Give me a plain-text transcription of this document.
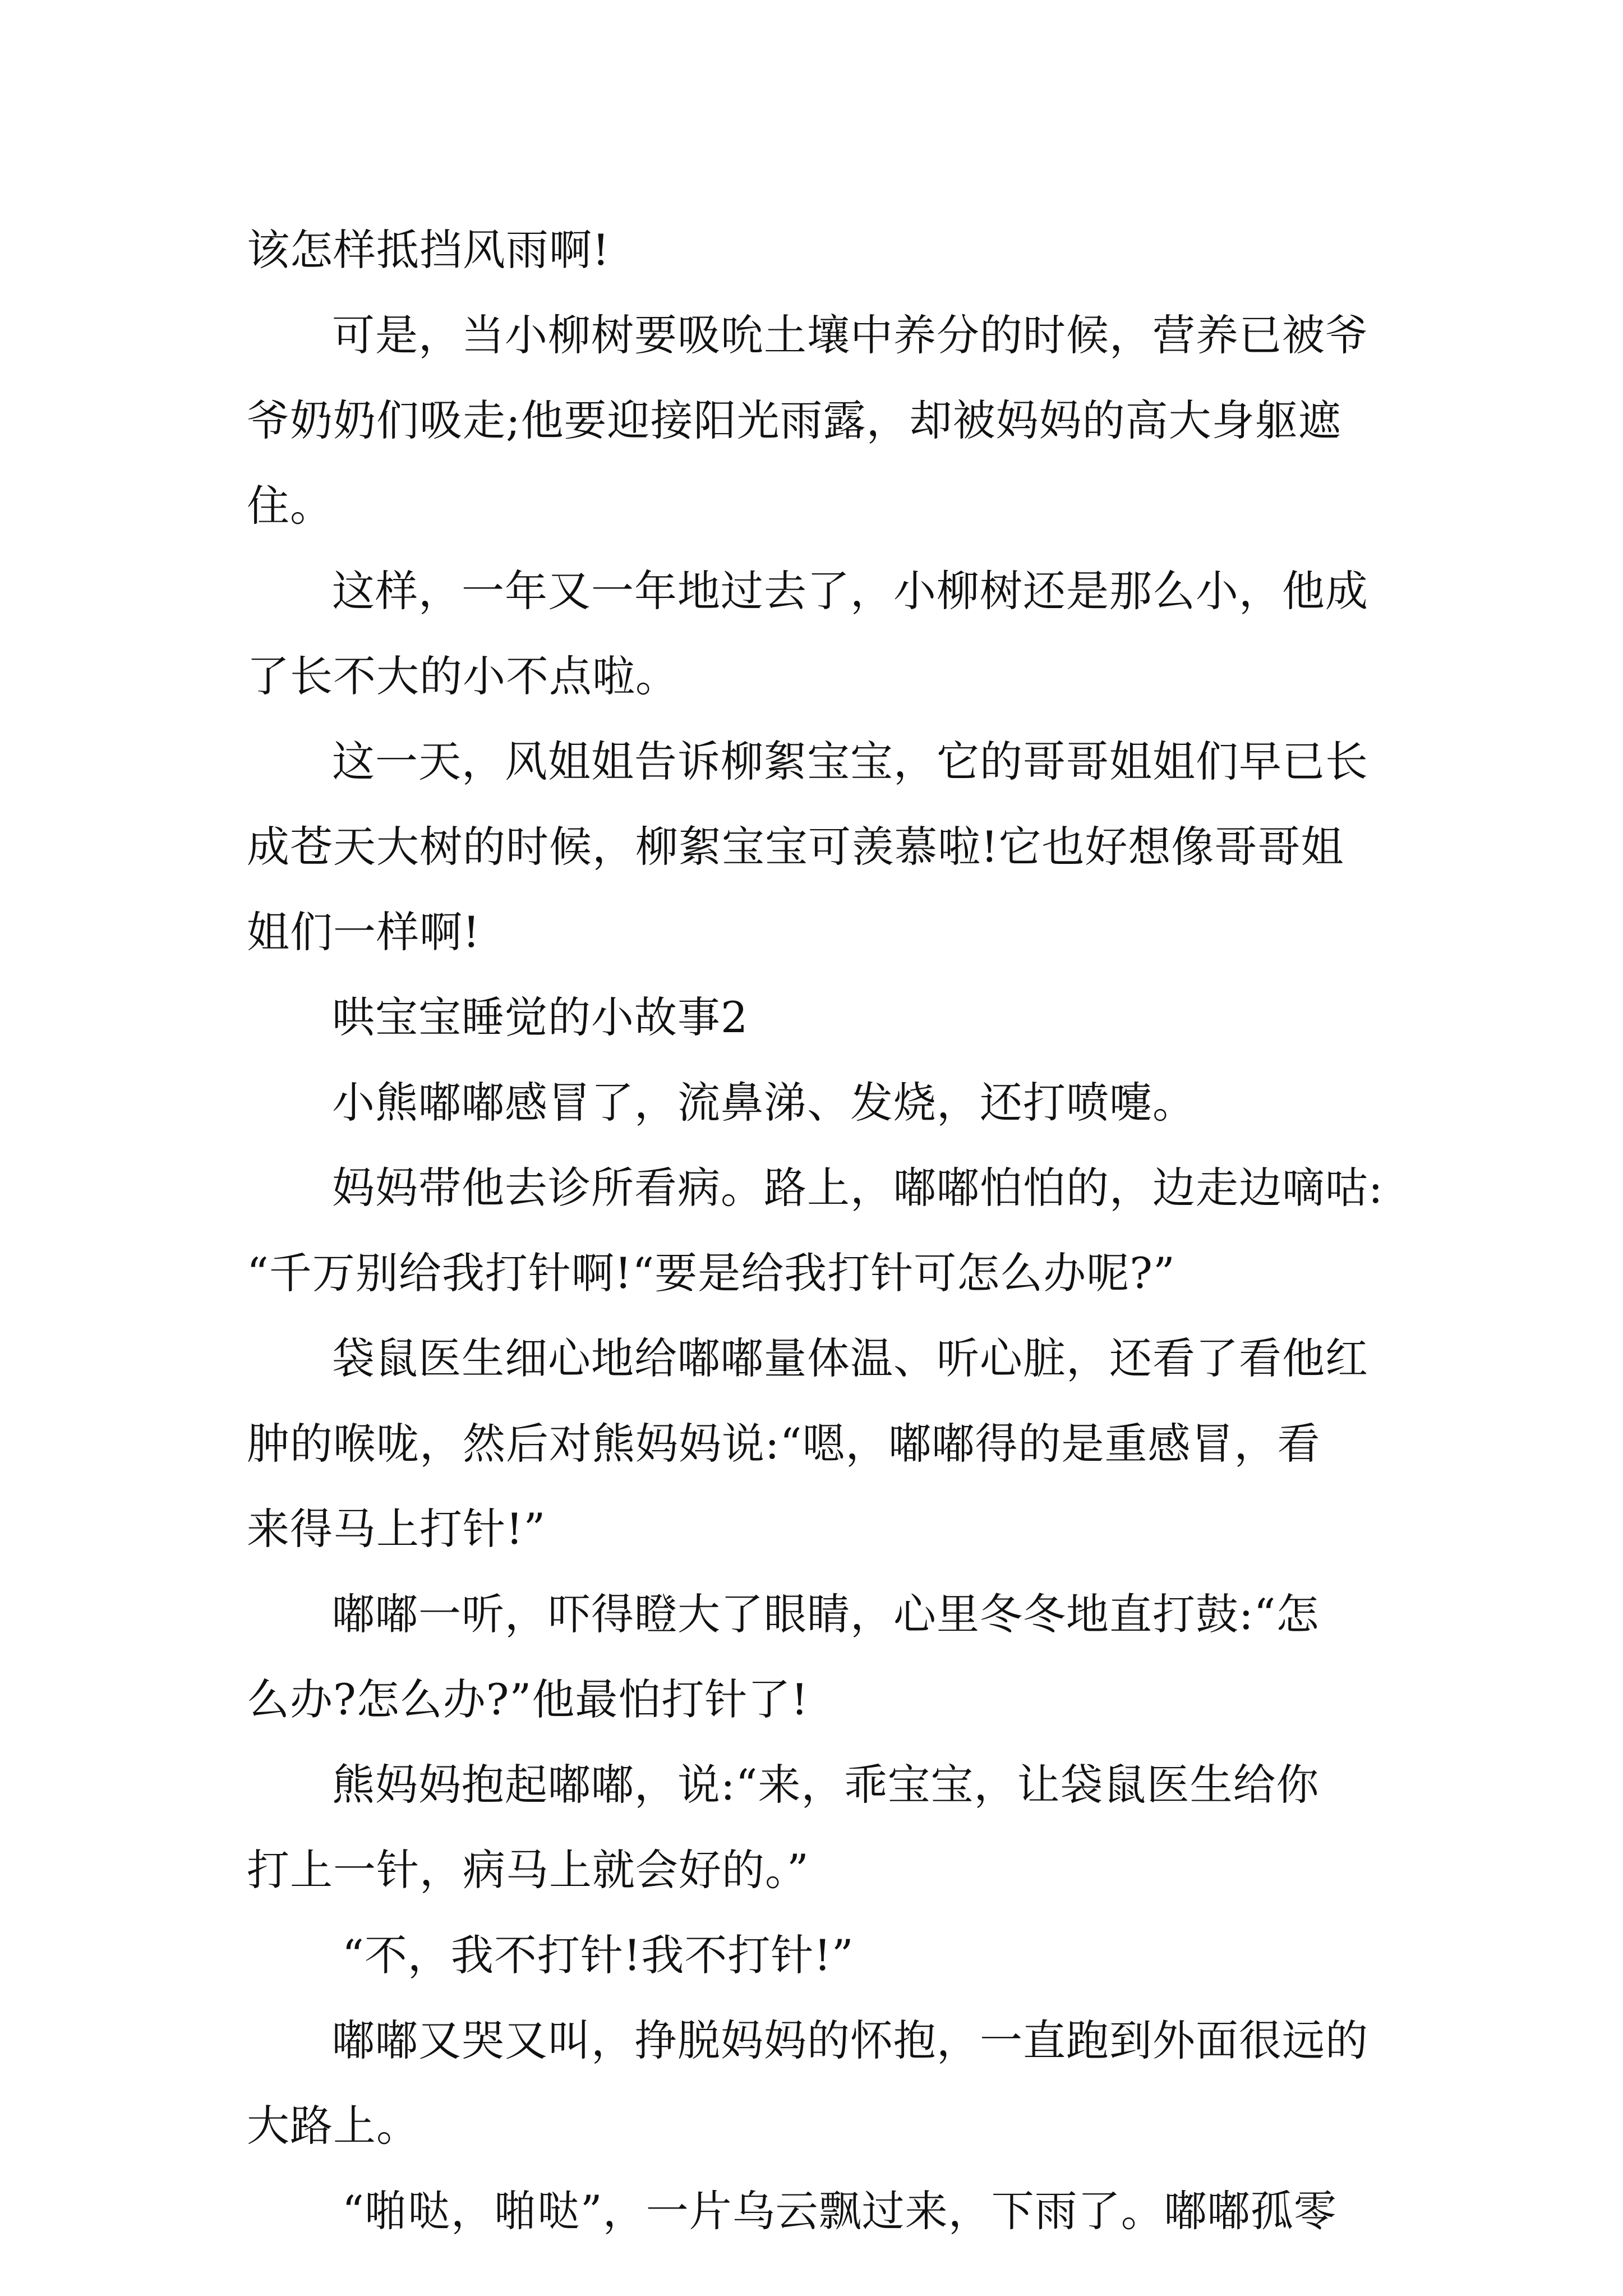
该怎样抵挡风雨啊!
可是，当小柳树要吸吮土壤中养分的时候，营养已被爷
爷奶奶们吸走;他要迎接阳光雨露，却被妈妈的高大身躯遮
住。
这样，一年又一年地过去了，小柳树还是那么小，他成
了长不大的小不点啦。
这一天，风姐姐告诉柳絮宝宝，它的哥哥姐姐们早已长
成苍天大树的时候，柳絮宝宝可羡慕啦!它也好想像哥哥姐
姐们一样啊!
哄宝宝睡觉的小故事2
小熊嘟嘟感冒了，流鼻涕、发烧，还打喷嚏。
妈妈带他去诊所看病。路上，嘟嘟怕怕的，边走边嘀咕:
“千万别给我打针啊!“要是给我打针可怎么办呢?”
袋鼠医生细心地给嘟嘟量体温、听心脏，还看了看他红
肿的喉咙，然后对熊妈妈说:“嗯，嘟嘟得的是重感冒，看
来得马上打针!”
嘟嘟一听，吓得瞪大了眼睛，心里冬冬地直打鼓:“怎
么办?怎么办?”他最怕打针了!
熊妈妈抱起嘟嘟，说:“来，乖宝宝，让袋鼠医生给你
打上一针，病马上就会好的。”
“不，我不打针!我不打针!”
嘟嘟又哭又叫，挣脱妈妈的怀抱，一直跑到外面很远的
大路上。
“啪哒，啪哒”，一片乌云飘过来，下雨了。嘟嘟孤零
